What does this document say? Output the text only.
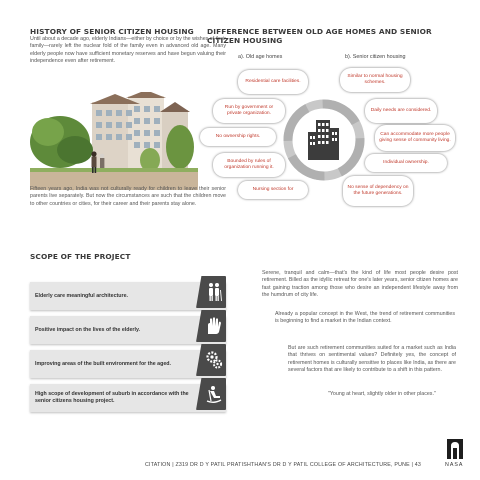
HISTORY OF SENIOR CITIZEN HOUSING
Until about a decade ago, elderly Indians—either by choice or by the wishes of their family—rarely left the nuclear fold of the family even in advanced old age. Many elderly people now have sufficient monetary reserves and have begun valuing their independence even after retirement.
Fifteen years ago, India was not culturally ready for children to leave their senior parents live separately. But now the circumstances are such that the children move to other countries or cities, for their career and their parents stay alone.
DIFFERENCE BETWEEN OLD AGE HOMES AND SENIOR CITIZEN HOUSING
a). Old age homes	b). Senior citizen housing
Residential care facilities.
Run by government or private organization.
No ownership rights.
Bounded by rules of organization running it.
Nursing section for
Similar to normal housing schemes.
Daily needs are considered.
Can accommodate more people giving sense of community living.
Individual ownership.
No sense of dependency on the future generations.
SCOPE OF THE PROJECT
Elderly care meaningful architecture.
Positive impact on the lives of the elderly.
Improving areas of the built environment for the aged.
High scope of development of suburb in accordance with the senior citizens housing project.
Serene, tranquil and calm—that's the kind of life most people desire post retirement. Billed as the idyllic retreat for one's later years, senior citizen homes are fast gaining traction among those who desire an independent lifestyle away from the humdrum of city life.
Already a popular concept in the West, the trend of retirement communities is beginning to find a market in the Indian context.
But are such retirement communities suited for a market such as India that thrives on sentimental values? Definitely yes, the concept of retirement homes is culturally sensitive to places like India, as there are several factors that are likely to contribute to a shift in this pattern.
"Young at heart, slightly older in other places."
CITATION | Z319 DR D Y PATIL PRATISHTHAN'S DR D Y PATIL COLLEGE OF ARCHITECTURE, PUNE | 43	NASA
